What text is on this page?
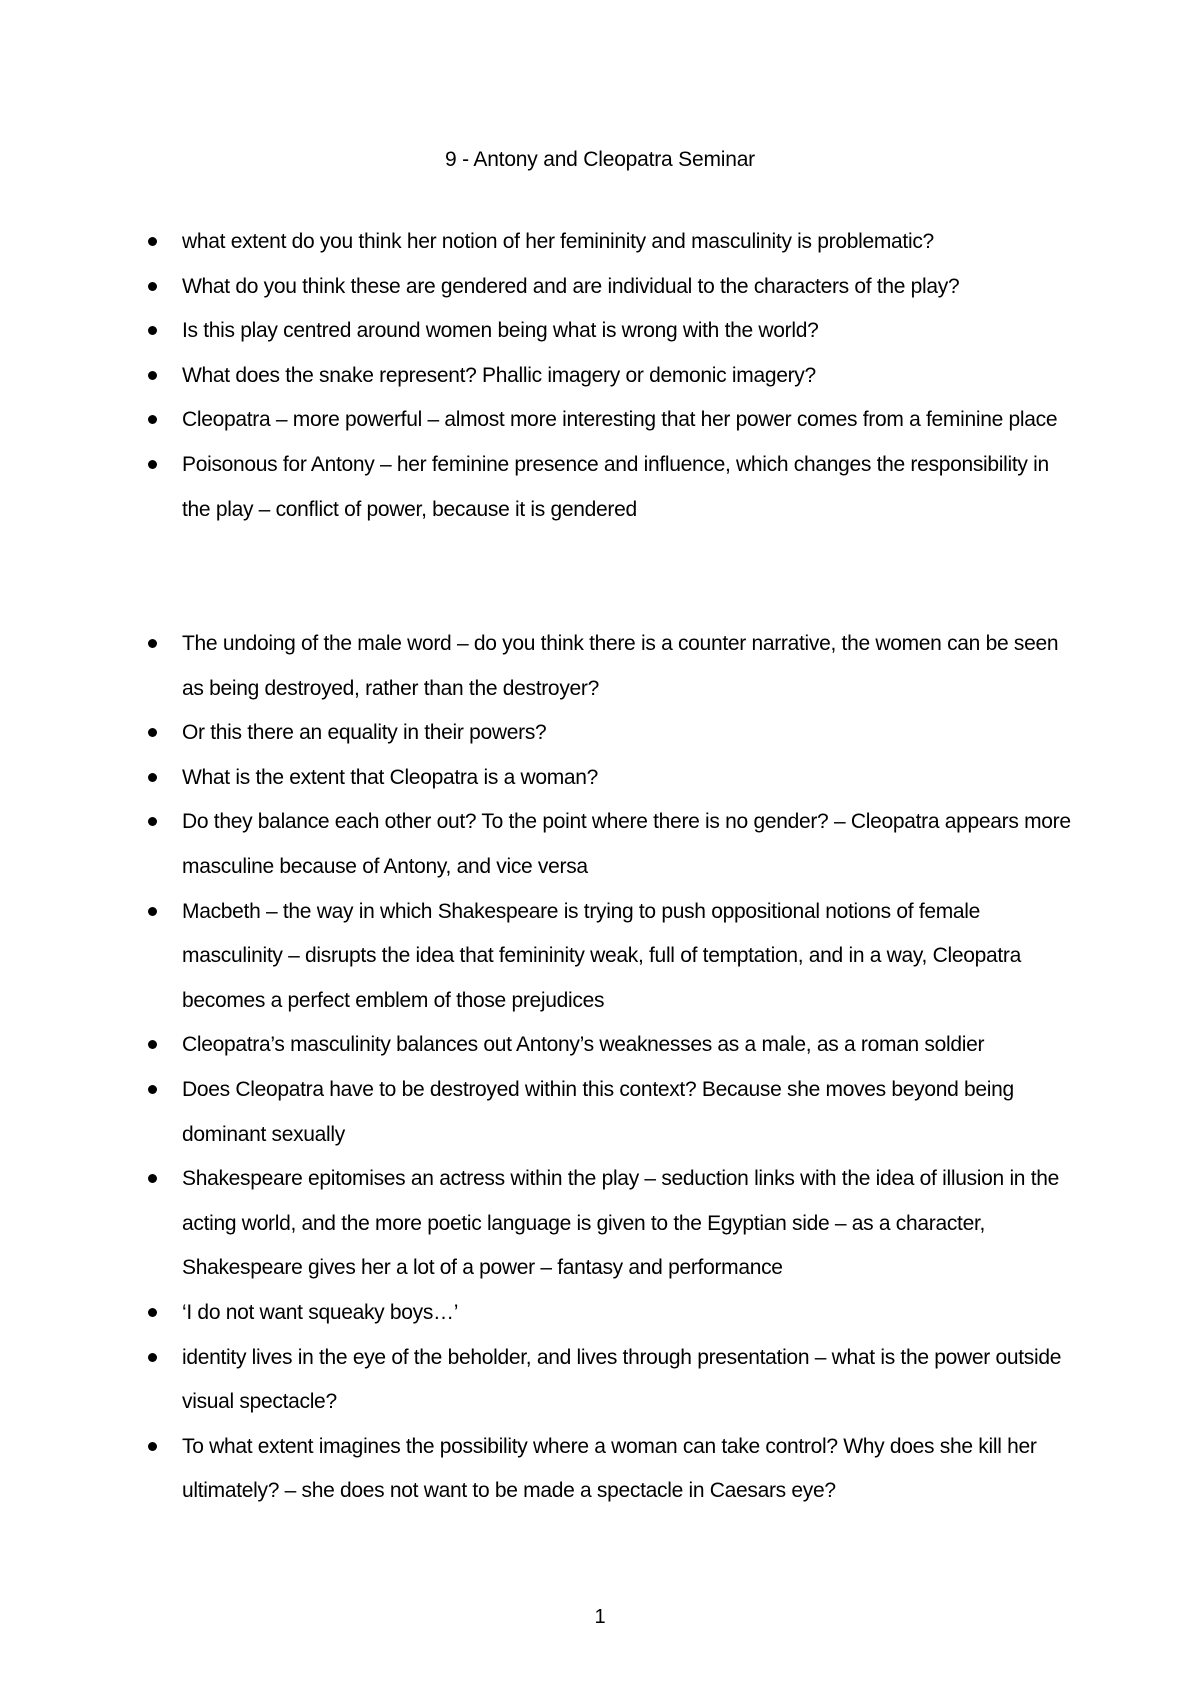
9 - Antony and Cleopatra Seminar
what extent do you think her notion of her femininity and masculinity is problematic?
What do you think these are gendered and are individual to the characters of the play?
Is this play centred around women being what is wrong with the world?
What does the snake represent? Phallic imagery or demonic imagery?
Cleopatra – more powerful – almost more interesting that her power comes from a feminine place
Poisonous for Antony – her feminine presence and influence, which changes the responsibility in the play – conflict of power, because it is gendered
The undoing of the male word – do you think there is a counter narrative, the women can be seen as being destroyed, rather than the destroyer?
Or this there an equality in their powers?
What is the extent that Cleopatra is a woman?
Do they balance each other out? To the point where there is no gender? – Cleopatra appears more masculine because of Antony, and vice versa
Macbeth – the way in which Shakespeare is trying to push oppositional notions of female masculinity – disrupts the idea that femininity weak, full of temptation, and in a way, Cleopatra becomes a perfect emblem of those prejudices
Cleopatra’s masculinity balances out Antony’s weaknesses as a male, as a roman soldier
Does Cleopatra have to be destroyed within this context? Because she moves beyond being dominant sexually
Shakespeare epitomises an actress within the play – seduction links with the idea of illusion in the acting world, and the more poetic language is given to the Egyptian side – as a character, Shakespeare gives her a lot of a power – fantasy and performance
‘I do not want squeaky boys…’
identity lives in the eye of the beholder, and lives through presentation – what is the power outside visual spectacle?
To what extent imagines the possibility where a woman can take control? Why does she kill her ultimately? – she does not want to be made a spectacle in Caesars eye?
1
